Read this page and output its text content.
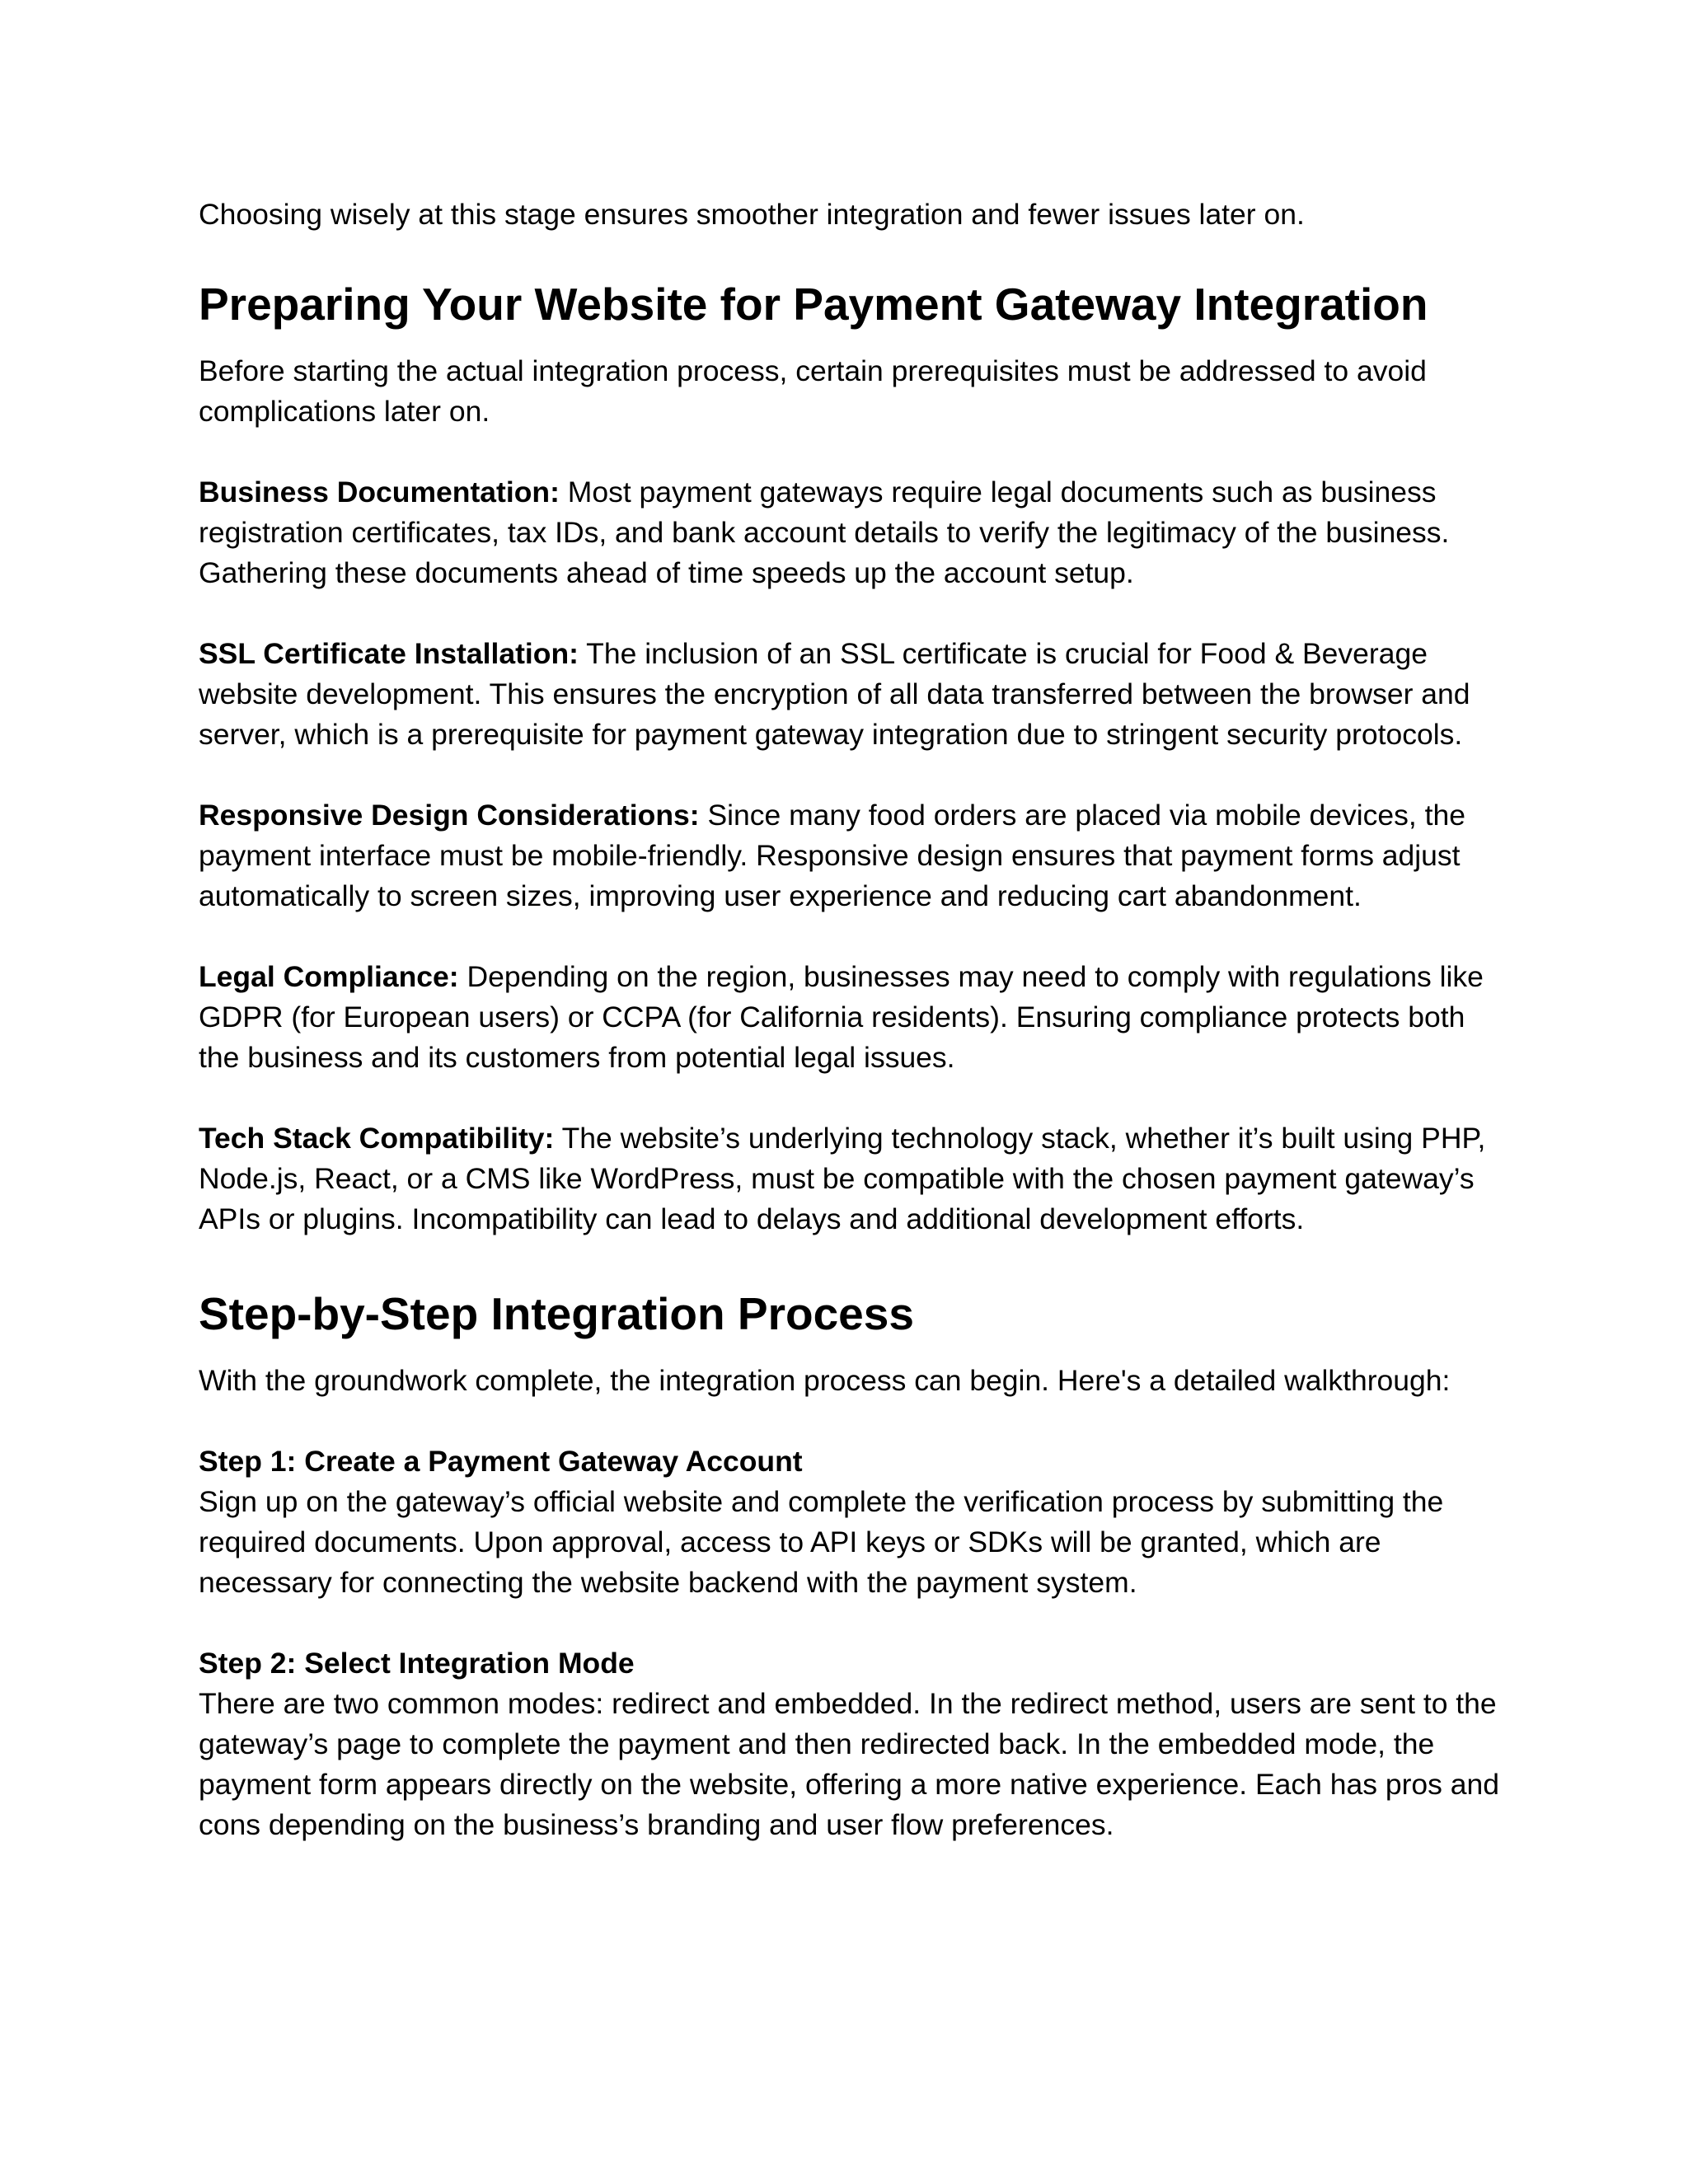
Choosing wisely at this stage ensures smoother integration and fewer issues later on.

Preparing Your Website for Payment Gateway Integration

Before starting the actual integration process, certain prerequisites must be addressed to avoid complications later on.

Business Documentation: Most payment gateways require legal documents such as business registration certificates, tax IDs, and bank account details to verify the legitimacy of the business. Gathering these documents ahead of time speeds up the account setup.

SSL Certificate Installation: The inclusion of an SSL certificate is crucial for Food & Beverage website development. This ensures the encryption of all data transferred between the browser and server, which is a prerequisite for payment gateway integration due to stringent security protocols.

Responsive Design Considerations: Since many food orders are placed via mobile devices, the payment interface must be mobile-friendly. Responsive design ensures that payment forms adjust automatically to screen sizes, improving user experience and reducing cart abandonment.

Legal Compliance: Depending on the region, businesses may need to comply with regulations like GDPR (for European users) or CCPA (for California residents). Ensuring compliance protects both the business and its customers from potential legal issues.

Tech Stack Compatibility: The website’s underlying technology stack, whether it’s built using PHP, Node.js, React, or a CMS like WordPress, must be compatible with the chosen payment gateway’s APIs or plugins. Incompatibility can lead to delays and additional development efforts.

Step-by-Step Integration Process

With the groundwork complete, the integration process can begin. Here's a detailed walkthrough:

Step 1: Create a Payment Gateway Account

Sign up on the gateway’s official website and complete the verification process by submitting the required documents. Upon approval, access to API keys or SDKs will be granted, which are necessary for connecting the website backend with the payment system.

Step 2: Select Integration Mode

There are two common modes: redirect and embedded. In the redirect method, users are sent to the gateway’s page to complete the payment and then redirected back. In the embedded mode, the payment form appears directly on the website, offering a more native experience. Each has pros and cons depending on the business’s branding and user flow preferences.
